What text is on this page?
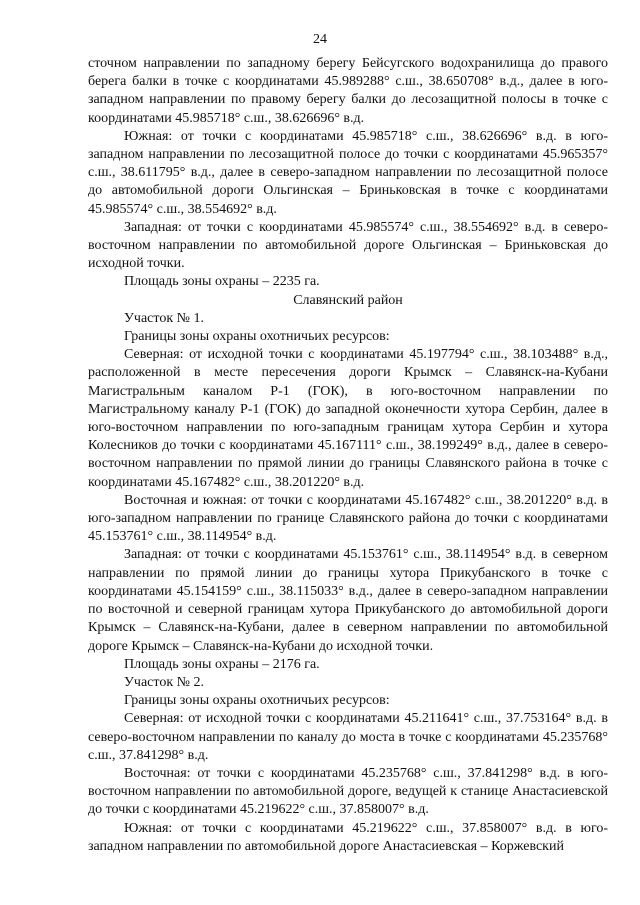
24

сточном направлении по западному берегу Бейсугского водохранилища до правого берега балки в точке с координатами 45.989288° с.ш., 38.650708° в.д., далее в юго-западном направлении по правому берегу балки до лесозащитной полосы в точке с координатами 45.985718° с.ш., 38.626696° в.д.

Южная: от точки с координатами 45.985718° с.ш., 38.626696° в.д. в юго-западном направлении по лесозащитной полосе до точки с координатами 45.965357° с.ш., 38.611795° в.д., далее в северо-западном направлении по лесозащитной полосе до автомобильной дороги Ольгинская – Бриньковская в точке с координатами 45.985574° с.ш., 38.554692° в.д.

Западная: от точки с координатами 45.985574° с.ш., 38.554692° в.д. в северо-восточном направлении по автомобильной дороге Ольгинская – Бриньковская до исходной точки.

Площадь зоны охраны – 2235 га.

Славянский район

Участок № 1.

Границы зоны охраны охотничьих ресурсов:

Северная: от исходной точки с координатами 45.197794° с.ш., 38.103488° в.д., расположенной в месте пересечения дороги Крымск – Славянск-на-Кубани Магистральным каналом Р-1 (ГОК), в юго-восточном направлении по Магистральному каналу Р-1 (ГОК) до западной оконечности хутора Сербин, далее в юго-восточном направлении по юго-западным границам хутора Сербин и хутора Колесников до точки с координатами 45.167111° с.ш., 38.199249° в.д., далее в северо-восточном направлении по прямой линии до границы Славянского района в точке с координатами 45.167482° с.ш., 38.201220° в.д.

Восточная и южная: от точки с координатами 45.167482° с.ш., 38.201220° в.д. в юго-западном направлении по границе Славянского района до точки с координатами 45.153761° с.ш., 38.114954° в.д.

Западная: от точки с координатами 45.153761° с.ш., 38.114954° в.д. в северном направлении по прямой линии до границы хутора Прикубанского в точке с координатами 45.154159° с.ш., 38.115033° в.д., далее в северо-западном направлении по восточной и северной границам хутора Прикубанского до автомобильной дороги Крымск – Славянск-на-Кубани, далее в северном направлении по автомобильной дороге Крымск – Славянск-на-Кубани до исходной точки.

Площадь зоны охраны – 2176 га.

Участок № 2.

Границы зоны охраны охотничьих ресурсов:

Северная: от исходной точки с координатами 45.211641° с.ш., 37.753164° в.д. в северо-восточном направлении по каналу до моста в точке с координатами 45.235768° с.ш., 37.841298° в.д.

Восточная: от точки с координатами 45.235768° с.ш., 37.841298° в.д. в юго-восточном направлении по автомобильной дороге, ведущей к станице Анастасиевской до точки с координатами 45.219622° с.ш., 37.858007° в.д.

Южная: от точки с координатами 45.219622° с.ш., 37.858007° в.д. в юго-западном направлении по автомобильной дороге Анастасиевская – Коржевский
